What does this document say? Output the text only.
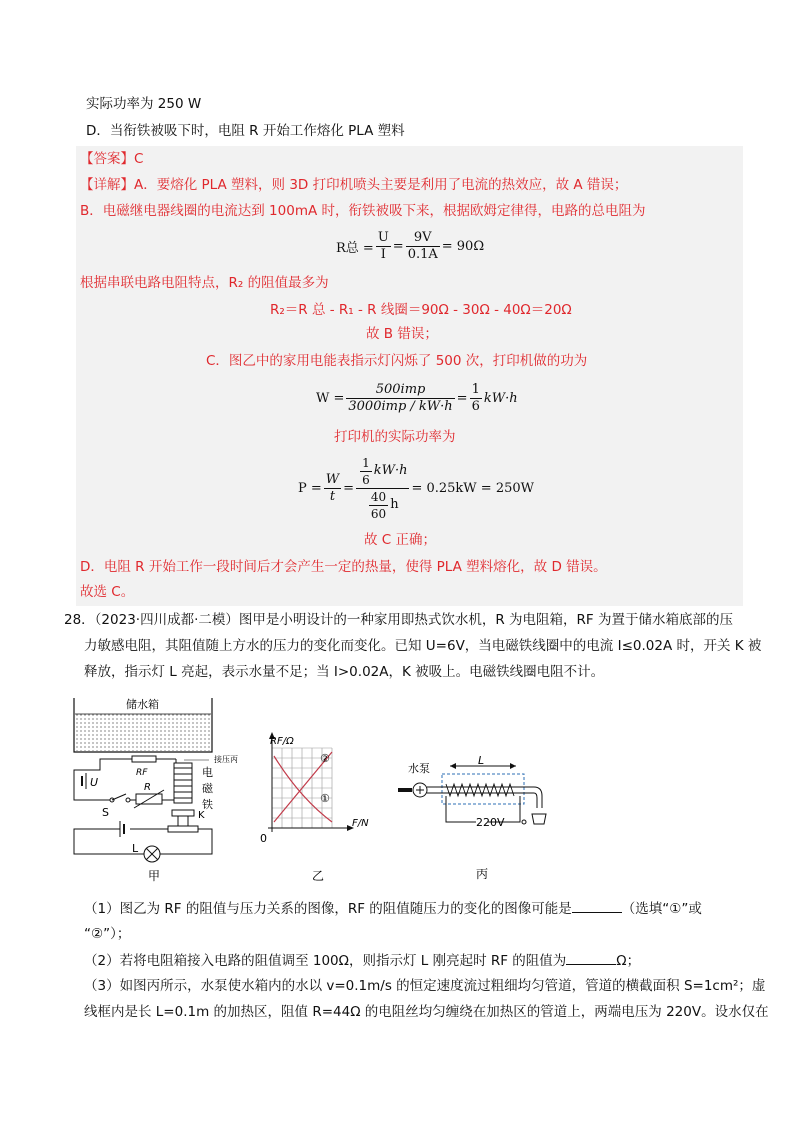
实际功率为 250 W
D．当衔铁被吸下时，电阻 R 开始工作熔化 PLA 塑料
【答案】C
【详解】A．要熔化 PLA 塑料，则 3D 打印机喷头主要是利用了电流的热效应，故 A 错误；
B．电磁继电器线圈的电流达到 100mA 时，衔铁被吸下来，根据欧姆定律得，电路的总电阻为
R总 = $\frac{U}{I} = \frac{9V}{0.1A} = 90\Omega$
根据串联电路电阻特点，R₂ 的阻值最多为
R₂＝R 总 - R₁ - R 线圈＝90Ω - 30Ω - 40Ω＝20Ω
故 B 错误；
C．图乙中的家用电能表指示灯闪烁了 500 次，打印机做的功为
$W = \frac{\text{500imp}}{\text{3000imp / kW·h}} = \frac{1}{6} kW\cdot h$
打印机的实际功率为
$P = \frac{W}{t} = \frac{\frac{1}{6} kW\cdot h}{\frac{40}{60} h} = 0.25kW = 250W$
故 C 正确；
D．电阻 R 开始工作一段时间后才会产生一定的热量，使得 PLA 塑料熔化，故 D 错误。
故选 C。
28．（2023·四川成都·二模）图甲是小明设计的一种家用即热式饮水机，R 为电阻箱，RF 为置于储水箱底部的压
力敏感电阻，其阻值随上方水的压力的变化而变化。已知 U=6V，当电磁铁线圈中的电流 I≤0.02A 时，开关 K 被
释放，指示灯 L 亮起，表示水量不足；当 I>0.02A，K 被吸上。电磁铁线圈电阻不计。
储水箱
RF
接压丙
U
S
R
电
磁
铁
K
L
甲
RF/Ω
F/N
0
②
①
乙
水泵
L
220V
丙
（1）图乙为 RF 的阻值与压力关系的图像，RF 的阻值随压力的变化的图像可能是	（选填“①”或
“②”）；
（2）若将电阻箱接入电路的阻值调至 100Ω，则指示灯 L 刚亮起时 RF 的阻值为	Ω；
（3）如图丙所示，水泵使水箱内的水以 v=0.1m/s 的恒定速度流过粗细均匀管道，管道的横截面积 S=1cm²；虚
线框内是长 L=0.1m 的加热区，阻值 R=44Ω 的电阻丝均匀缠绕在加热区的管道上，两端电压为 220V。设水仅在
